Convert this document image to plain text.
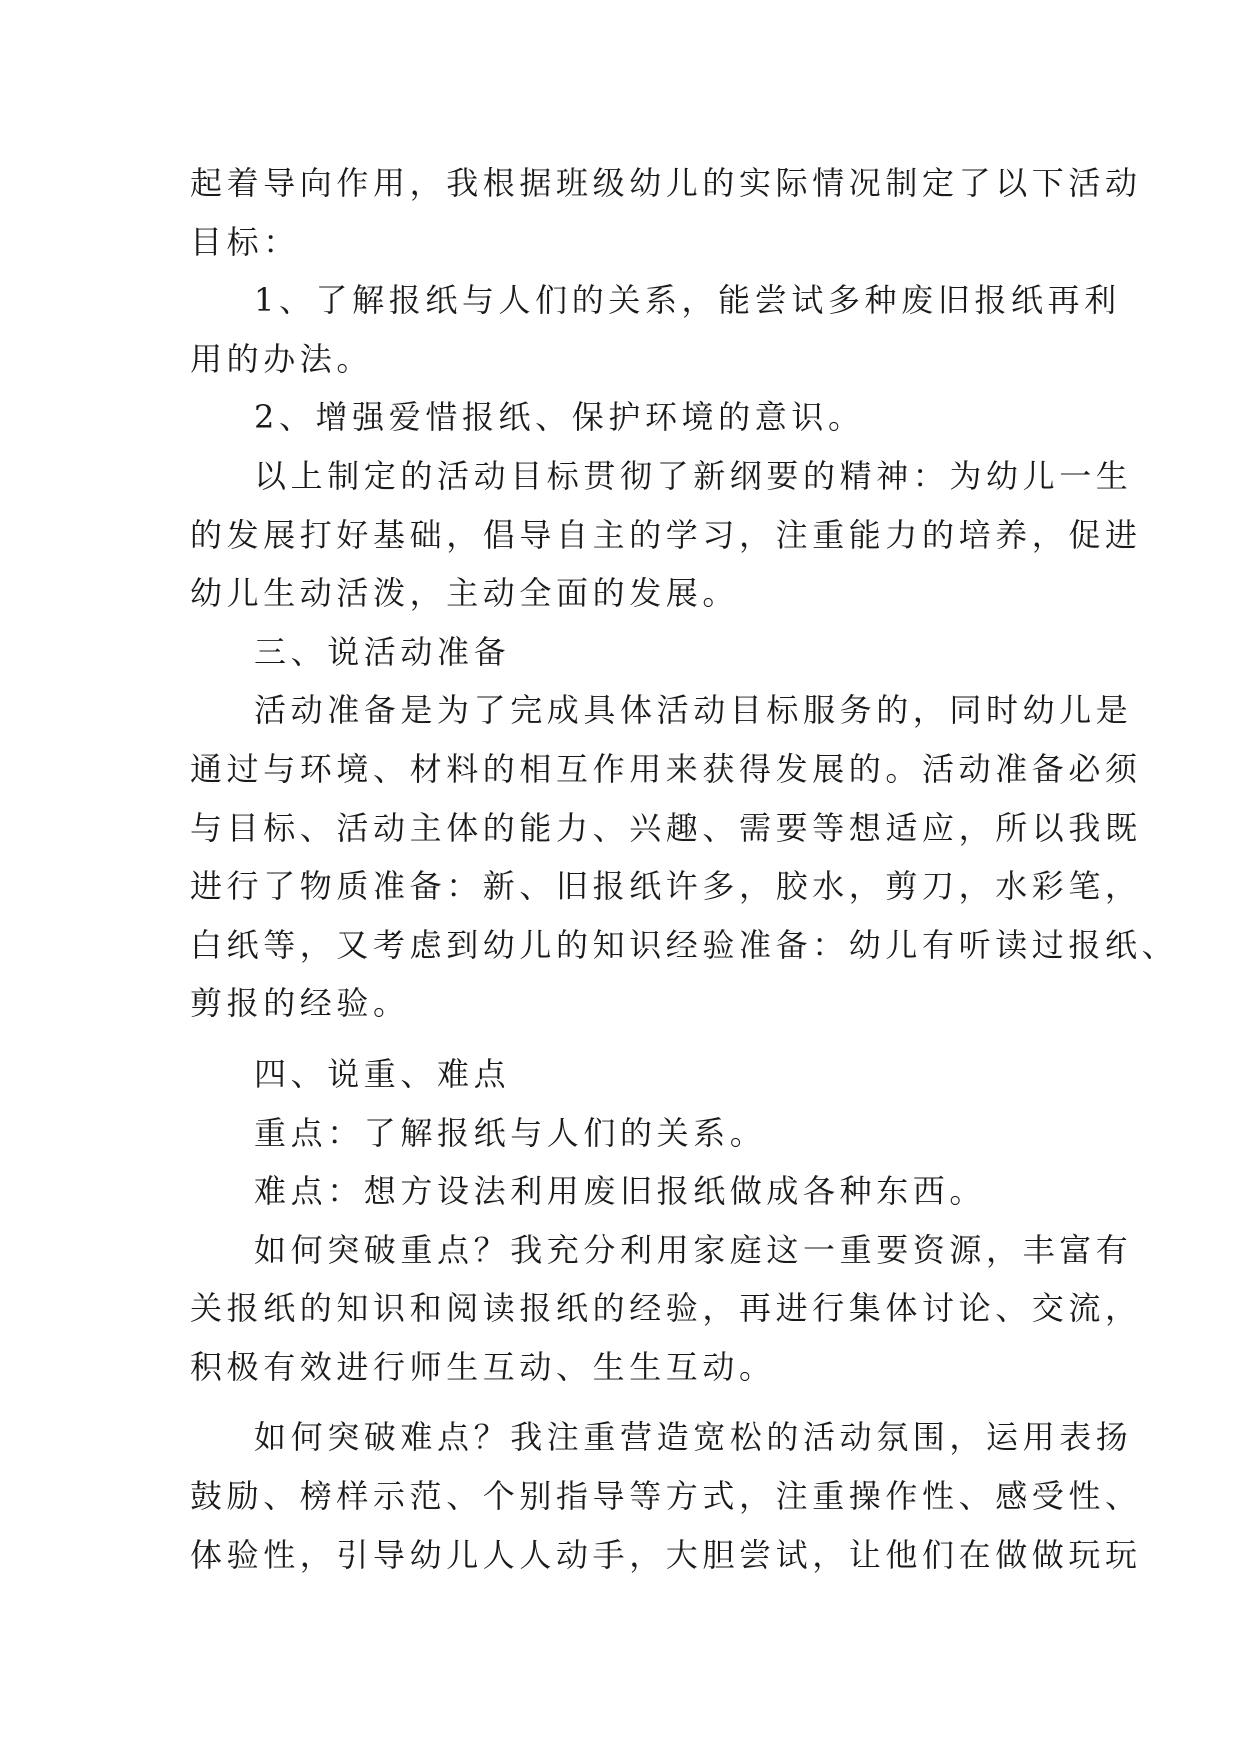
起着导向作用，我根据班级幼儿的实际情况制定了以下活动
目标：
1、了解报纸与人们的关系，能尝试多种废旧报纸再利
用的办法。
2、增强爱惜报纸、保护环境的意识。
以上制定的活动目标贯彻了新纲要的精神：为幼儿一生
的发展打好基础，倡导自主的学习，注重能力的培养，促进
幼儿生动活泼，主动全面的发展。
三、说活动准备
活动准备是为了完成具体活动目标服务的，同时幼儿是
通过与环境、材料的相互作用来获得发展的。活动准备必须
与目标、活动主体的能力、兴趣、需要等想适应，所以我既
进行了物质准备：新、旧报纸许多，胶水，剪刀，水彩笔，
白纸等，又考虑到幼儿的知识经验准备：幼儿有听读过报纸、
剪报的经验。
四、说重、难点
重点：了解报纸与人们的关系。
难点：想方设法利用废旧报纸做成各种东西。
如何突破重点？我充分利用家庭这一重要资源，丰富有
关报纸的知识和阅读报纸的经验，再进行集体讨论、交流，
积极有效进行师生互动、生生互动。
如何突破难点？我注重营造宽松的活动氛围，运用表扬
鼓励、榜样示范、个别指导等方式，注重操作性、感受性、
体验性，引导幼儿人人动手，大胆尝试，让他们在做做玩玩
